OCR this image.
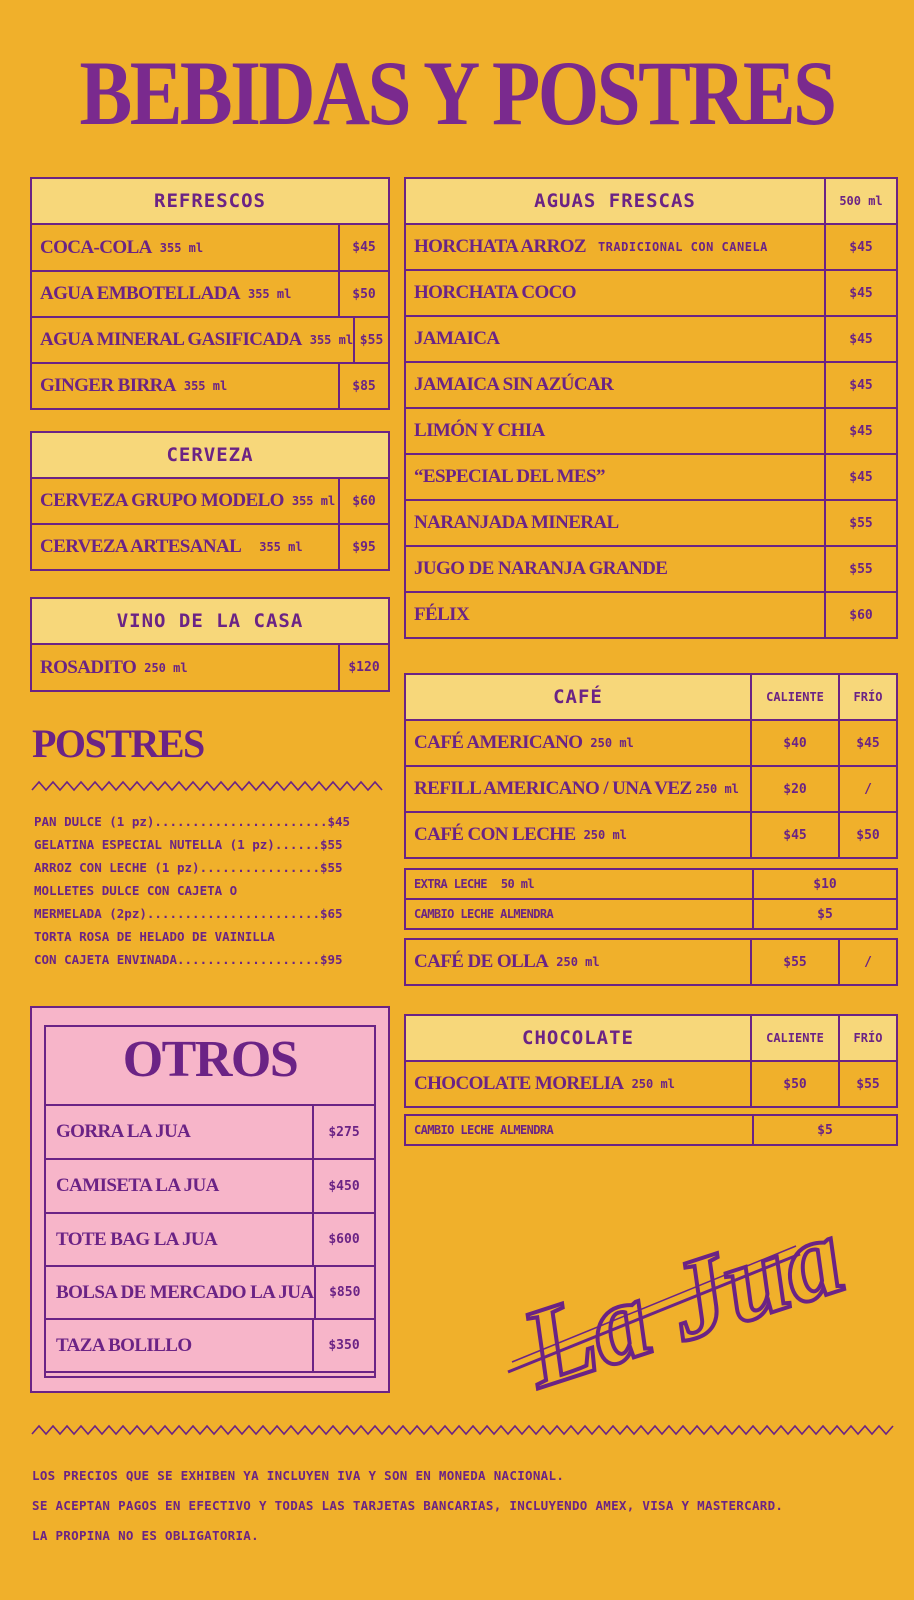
BEBIDAS Y POSTRES
REFRESCOS
COCA-COLA 355 ml	$45
AGUA EMBOTELLADA 355 ml	$50
AGUA MINERAL GASIFICADA 355 ml $55
GINGER BIRRA 355 ml	$85
CERVEZA
CERVEZA GRUPO MODELO 355 ml	$60
CERVEZA ARTESANAL 355 ml	$95
VINO DE LA CASA
ROSADITO 250 ml	$120
POSTRES
PAN DULCE (1 pz).......................$45
GELATINA ESPECIAL NUTELLA (1 pz)......$55
ARROZ CON LECHE (1 pz)................$55
MOLLETES DULCE CON CAJETA O
MERMELADA (2pz).......................$65
TORTA ROSA DE HELADO DE VAINILLA
CON CAJETA ENVINADA...................$95
OTROS
GORRA LA JUA	$275
CAMISETA LA JUA	$450
TOTE BAG LA JUA	$600
BOLSA DE MERCADO LA JUA	$850
TAZA BOLILLO	$350
AGUAS FRESCAS	500 ml
HORCHATA ARROZ TRADICIONAL CON CANELA	$45
HORCHATA COCO	$45
JAMAICA	$45
JAMAICA SIN AZÚCAR	$45
LIMÓN Y CHIA	$45
“ESPECIAL DEL MES”	$45
NARANJADA MINERAL	$55
JUGO DE NARANJA GRANDE	$55
FÉLIX	$60
CAFÉ	CALIENTE	FRÍO
CAFÉ AMERICANO 250 ml	$40	$45
REFILL AMERICANO / UNA VEZ 250 ml	$20	/
CAFÉ CON LECHE 250 ml	$45	$50
EXTRA LECHE 50 ml	$10
CAMBIO LECHE ALMENDRA	$5
CAFÉ DE OLLA 250 ml	$55	/
CHOCOLATE	CALIENTE	FRÍO
CHOCOLATE MORELIA 250 ml	$50	$55
CAMBIO LECHE ALMENDRA	$5
La Jua
LOS PRECIOS QUE SE EXHIBEN YA INCLUYEN IVA Y SON EN MONEDA NACIONAL.
SE ACEPTAN PAGOS EN EFECTIVO Y TODAS LAS TARJETAS BANCARIAS, INCLUYENDO AMEX, VISA Y MASTERCARD.
LA PROPINA NO ES OBLIGATORIA.
